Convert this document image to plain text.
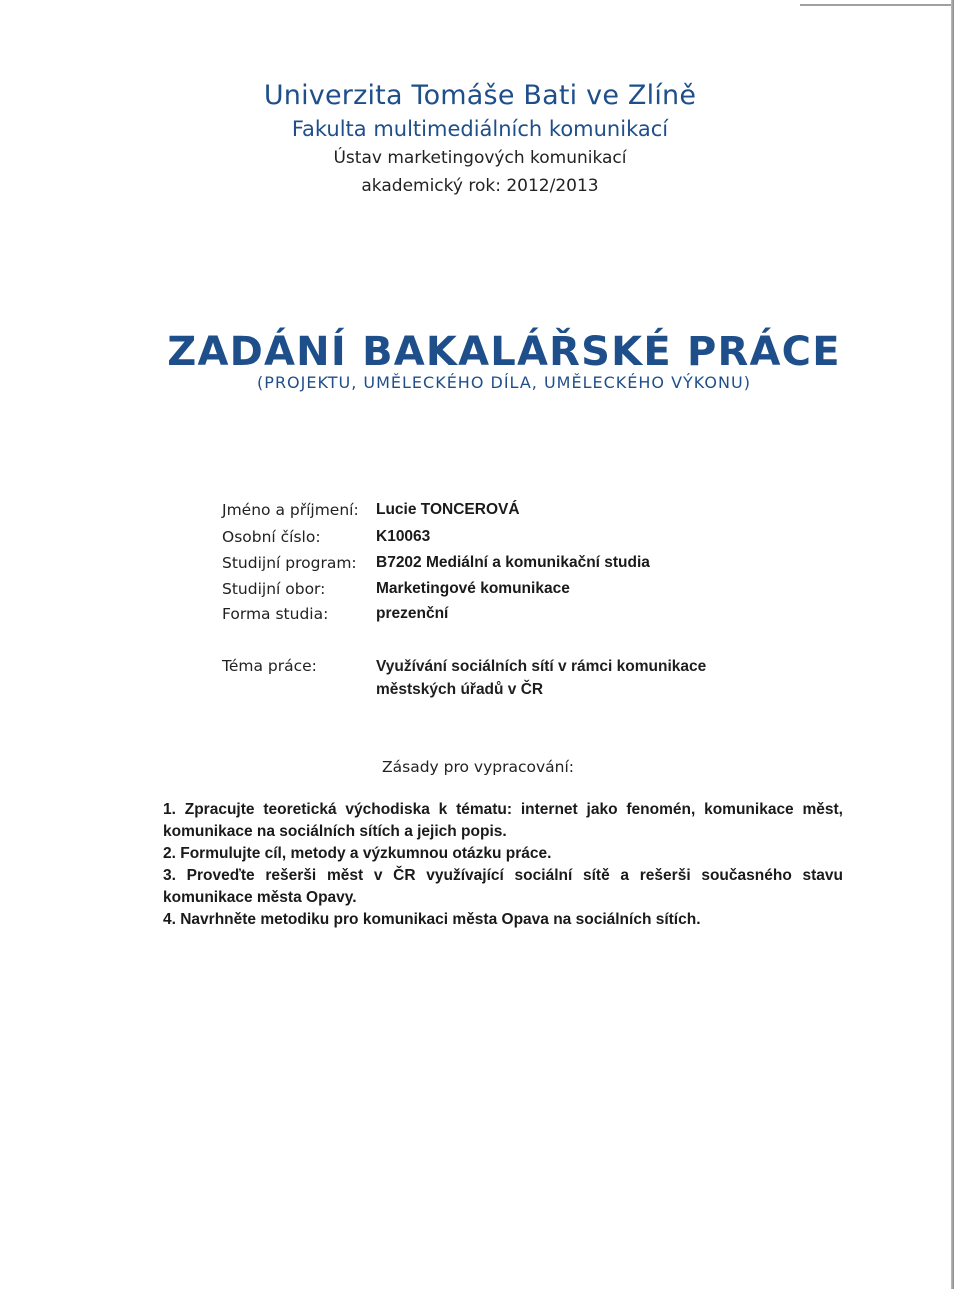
Univerzita Tomáše Bati ve Zlíně
Fakulta multimediálních komunikací
Ústav marketingových komunikací
akademický rok: 2012/2013
ZADÁNÍ BAKALÁŘSKÉ PRÁCE
(PROJEKTU, UMĚLECKÉHO DÍLA, UMĚLECKÉHO VÝKONU)
Jméno a příjmení: Lucie TONCEROVÁ
Osobní číslo:	K10063
Studijní program: B7202 Mediální a komunikační studia
Studijní obor:	Marketingové komunikace
Forma studia:	prezenční
Téma práce:	Využívání sociálních sítí v rámci komunikace
městských úřadů v ČR
Zásady pro vypracování:
1. Zpracujte teoretická východiska k tématu: internet jako fenomén, komunikace měst,
komunikace na sociálních sítích a jejich popis.
2. Formulujte cíl, metody a výzkumnou otázku práce.
3. Proveďte rešerši měst v ČR využívající sociální sítě a rešerši současného stavu
komunikace města Opavy.
4. Navrhněte metodiku pro komunikaci města Opava na sociálních sítích.
